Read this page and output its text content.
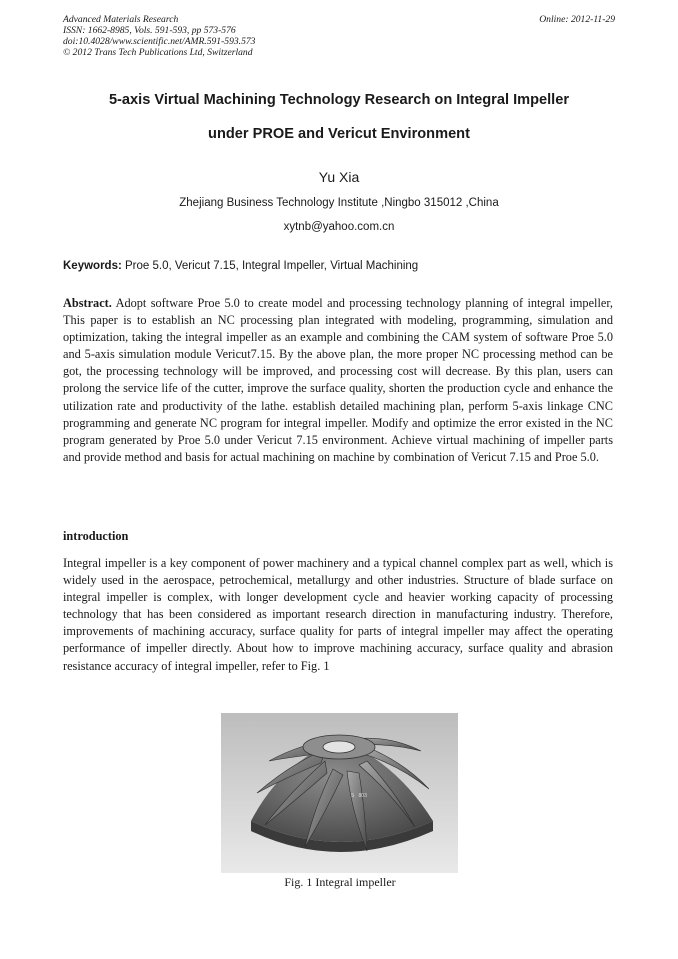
Advanced Materials Research
ISSN: 1662-8985, Vols. 591-593, pp 573-576
doi:10.4028/www.scientific.net/AMR.591-593.573
© 2012 Trans Tech Publications Ltd, Switzerland
Online: 2012-11-29
5-axis Virtual Machining Technology Research on Integral Impeller
under PROE and Vericut Environment
Yu Xia
Zhejiang Business Technology Institute ,Ningbo 315012 ,China
xytnb@yahoo.com.cn
Keywords: Proe 5.0, Vericut 7.15, Integral Impeller, Virtual Machining

Abstract. Adopt software Proe 5.0 to create model and processing technology planning of integral impeller, This paper is to establish an NC processing plan integrated with modeling, programming, simulation and optimization, taking the integral impeller as an example and combining the CAM system of software Proe 5.0 and 5-axis simulation module Vericut7.15. By the above plan, the more proper NC processing method can be got, the processing technology will be improved, and processing cost will decrease. By this plan, users can prolong the service life of the cutter, improve the surface quality, shorten the production cycle and enhance the utilization rate and productivity of the lathe. establish detailed machining plan, perform 5-axis linkage CNC programming and generate NC program for integral impeller. Modify and optimize the error existed in the NC program generated by Proe 5.0 under Vericut 7.15 environment. Achieve virtual machining of impeller parts and provide method and basis for actual machining on machine by combination of Vericut 7.15 and Proe 5.0.

introduction

Integral impeller is a key component of power machinery and a typical channel complex part as well, which is widely used in the aerospace, petrochemical, metallurgy and other industries. Structure of blade surface on integral impeller is complex, with longer development cycle and heavier working capacity of processing technology that has been considered as important research direction in manufacturing industry. Therefore, improvements of machining accuracy, surface quality for parts of integral impeller may affect the operating performance of impeller directly. About how to improve machining accuracy, surface quality and abrasion resistance accuracy of integral impeller, refer to Fig. 1

S   803
Fig. 1 Integral impeller
